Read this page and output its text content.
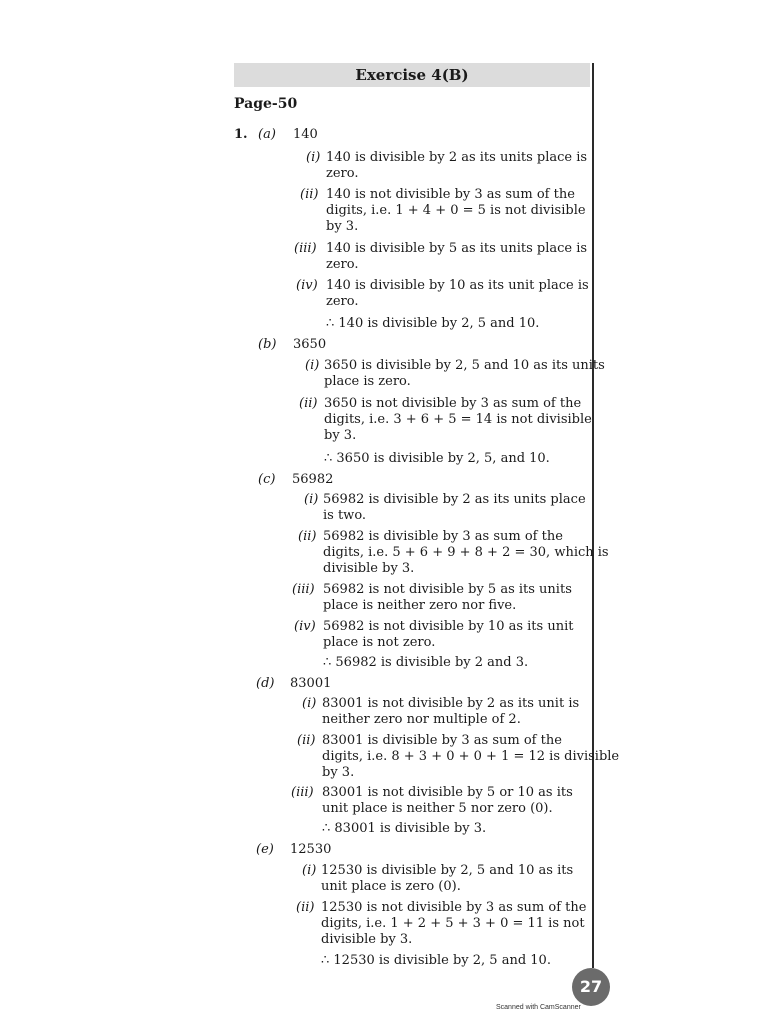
Exercise 4(B)
Page-50
1. (a) 140
(i) 140 is divisible by 2 as its units place is
zero.
(ii) 140 is not divisible by 3 as sum of the
digits, i.e. 1 + 4 + 0 = 5 is not divisible
by 3.
(iii) 140 is divisible by 5 as its units place is
zero.
(iv) 140 is divisible by 10 as its unit place is
zero.
∴ 140 is divisible by 2, 5 and 10.
(b) 3650
(i) 3650 is divisible by 2, 5 and 10 as its units
place is zero.
(ii) 3650 is not divisible by 3 as sum of the
digits, i.e. 3 + 6 + 5 = 14 is not divisible
by 3.
∴ 3650 is divisible by 2, 5, and 10.
(c) 56982
(i) 56982 is divisible by 2 as its units place
is two.
(ii) 56982 is divisible by 3 as sum of the
digits, i.e. 5 + 6 + 9 + 8 + 2 = 30, which is
divisible by 3.
(iii) 56982 is not divisible by 5 as its units
place is neither zero nor five.
(iv) 56982 is not divisible by 10 as its unit
place is not zero.
∴ 56982 is divisible by 2 and 3.
(d) 83001
(i) 83001 is not divisible by 2 as its unit is
neither zero nor multiple of 2.
(ii) 83001 is divisible by 3 as sum of the
digits, i.e. 8 + 3 + 0 + 0 + 1 = 12 is divisible
by 3.
(iii) 83001 is not divisible by 5 or 10 as its
unit place is neither 5 nor zero (0).
∴ 83001 is divisible by 3.
(e) 12530
(i) 12530 is divisible by 2, 5 and 10 as its
unit place is zero (0).
(ii) 12530 is not divisible by 3 as sum of the
digits, i.e. 1 + 2 + 5 + 3 + 0 = 11 is not
divisible by 3.
∴ 12530 is divisible by 2, 5 and 10.
27
Scanned with CamScanner
